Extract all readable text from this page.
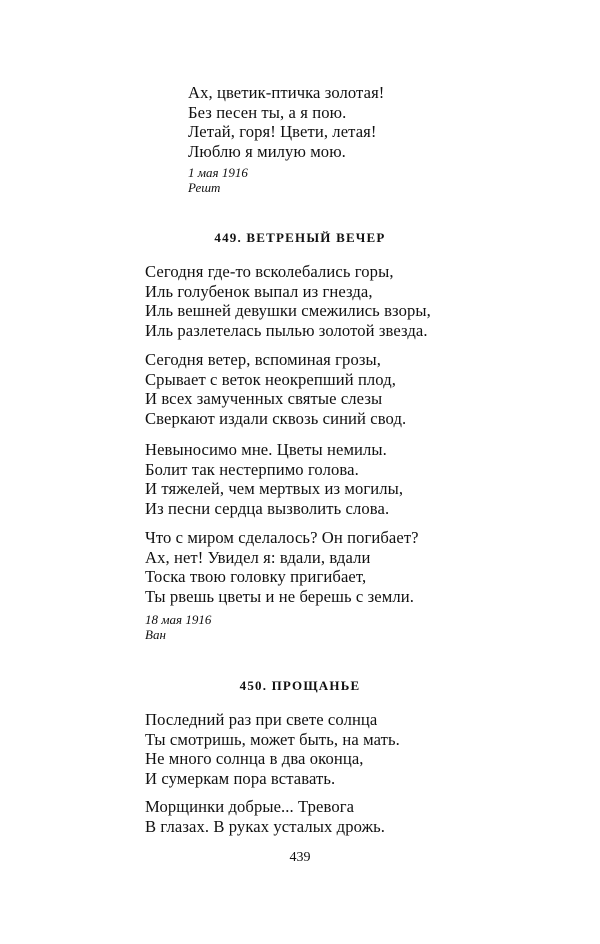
Ах, цветик-птичка золотая!
Без песен ты, а я пою.
Летай, горя! Цвети, летая!
Люблю я милую мою.
1 мая 1916
Решт
449. ВЕТРЕНЫЙ ВЕЧЕР
Сегодня где-то всколебались горы,
Иль голубенок выпал из гнезда,
Иль вешней девушки смежились взоры,
Иль разлетелась пылью золотой звезда.
Сегодня ветер, вспоминая грозы,
Срывает с веток неокрепший плод,
И всех замученных святые слезы
Сверкают издали сквозь синий свод.
Невыносимо мне. Цветы немилы.
Болит так нестерпимо голова.
И тяжелей, чем мертвых из могилы,
Из песни сердца вызволить слова.
Что с миром сделалось? Он погибает?
Ах, нет! Увидел я: вдали, вдали
Тоска твою головку пригибает,
Ты рвешь цветы и не берешь с земли.
18 мая 1916
Ван
450. ПРОЩАНЬЕ
Последний раз при свете солнца
Ты смотришь, может быть, на мать.
Не много солнца в два оконца,
И сумеркам пора вставать.
Морщинки добрые... Тревога
В глазах. В руках усталых дрожь.
439
